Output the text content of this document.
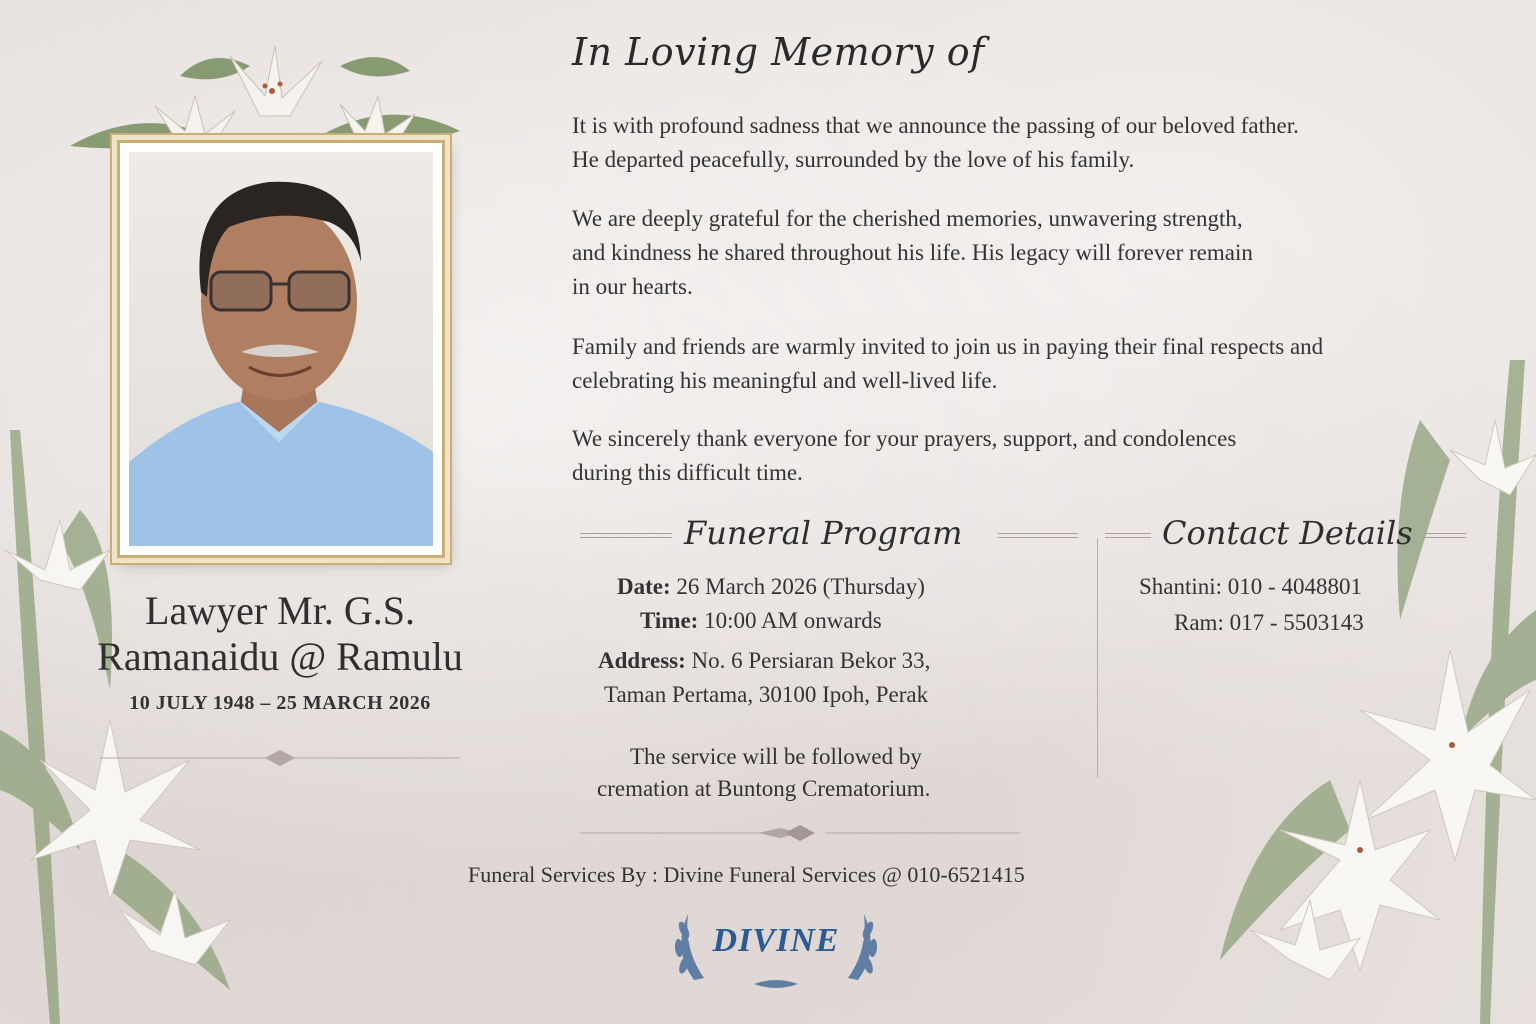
Lawyer Mr. G.S.
Ramanaidu @ Ramulu
10 JULY 1948 – 25 MARCH 2026
In Loving Memory of
It is with profound sadness that we announce the passing of our beloved father.
He departed peacefully, surrounded by the love of his family.
We are deeply grateful for the cherished memories, unwavering strength,
and kindness he shared throughout his life. His legacy will forever remain
in our hearts.
Family and friends are warmly invited to join us in paying their final respects and
celebrating his meaningful and well-lived life.
We sincerely thank everyone for your prayers, support, and condolences
during this difficult time.
Funeral Program
Date: 26 March 2026 (Thursday)
Time: 10:00 AM onwards
Address: No. 6 Persiaran Bekor 33,
Taman Pertama, 30100 Ipoh, Perak
The service will be followed by
cremation at Buntong Crematorium.
Contact Details
Shantini: 010 - 4048801
Ram: 017 - 5503143
Funeral Services By : Divine Funeral Services @ 010-6521415
DIVINE
